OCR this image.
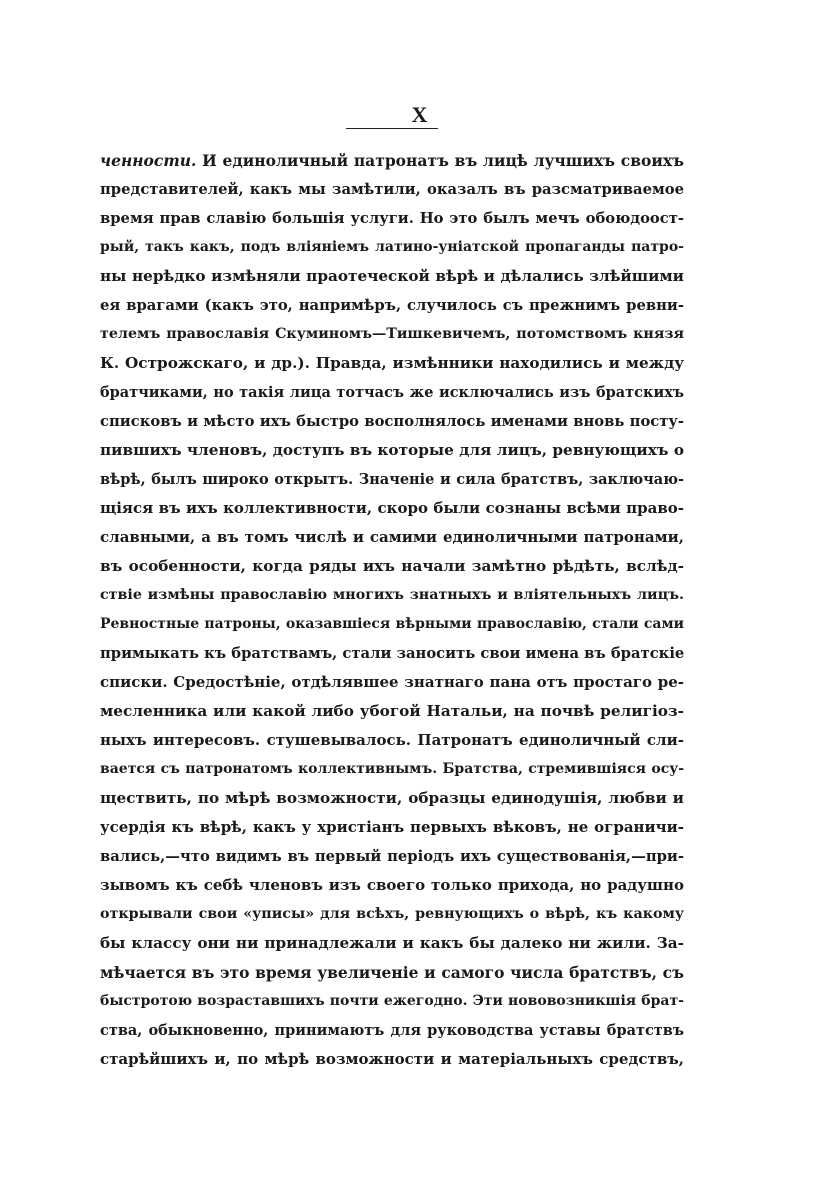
X
ченности. И единоличный патронатъ въ лицѣ лучшихъ своихъ
представителей, какъ мы замѣтили, оказалъ въ разсматриваемое
время прав славію большія услуги. Но это былъ мечъ обоюдоост-
рый, такъ какъ, подъ вліяніемъ латино-уніатской пропаганды патро-
ны нерѣдко измѣняли праотеческой вѣрѣ и дѣлались злѣйшими
ея врагами (какъ это, напримѣръ, случилось съ прежнимъ ревни-
телемъ православія Скуминомъ—Тишкевичемъ, потомствомъ князя
К. Острожскаго, и др.). Правда, измѣнники находились и между
братчиками, но такія лица тотчасъ же исключались изъ братскихъ
списковъ и мѣсто ихъ быстро восполнялось именами вновь посту-
пившихъ членовъ, доступъ въ которые для лицъ, ревнующихъ о
вѣрѣ, былъ широко открытъ. Значеніе и сила братствъ, заключаю-
щіяся въ ихъ коллективности, скоро были сознаны всѣми право-
славными, а въ томъ числѣ и самими единоличными патронами,
въ особенности, когда ряды ихъ начали замѣтно рѣдѣть, вслѣд-
ствіе измѣны православію многихъ знатныхъ и вліятельныхъ лицъ.
Ревностные патроны, оказавшіеся вѣрными православію, стали сами
примыкать къ братствамъ, стали заносить свои имена въ братскіе
списки. Средостѣніе, отдѣлявшее знатнаго пана отъ простаго ре-
месленника или какой либо убогой Натальи, на почвѣ религіоз-
ныхъ интересовъ. стушевывалось. Патронатъ единоличный сли-
вается съ патронатомъ коллективнымъ. Братства, стремившіяся осу-
ществить, по мѣрѣ возможности, образцы единодушія, любви и
усердія къ вѣрѣ, какъ у христіанъ первыхъ вѣковъ, не ограничи-
вались,—что видимъ въ первый періодъ ихъ существованія,—при-
зывомъ къ себѣ членовъ изъ своего только прихода, но радушно
открывали свои «уписы» для всѣхъ, ревнующихъ о вѣрѣ, къ какому
бы классу они ни принадлежали и какъ бы далеко ни жили. За-
мѣчается въ это время увеличеніе и самого числа братствъ, съ
быстротою возраставшихъ почти ежегодно. Эти нововозникшія брат-
ства, обыкновенно, принимаютъ для руководства уставы братствъ
старѣйшихъ и, по мѣрѣ возможности и матеріальныхъ средствъ,
